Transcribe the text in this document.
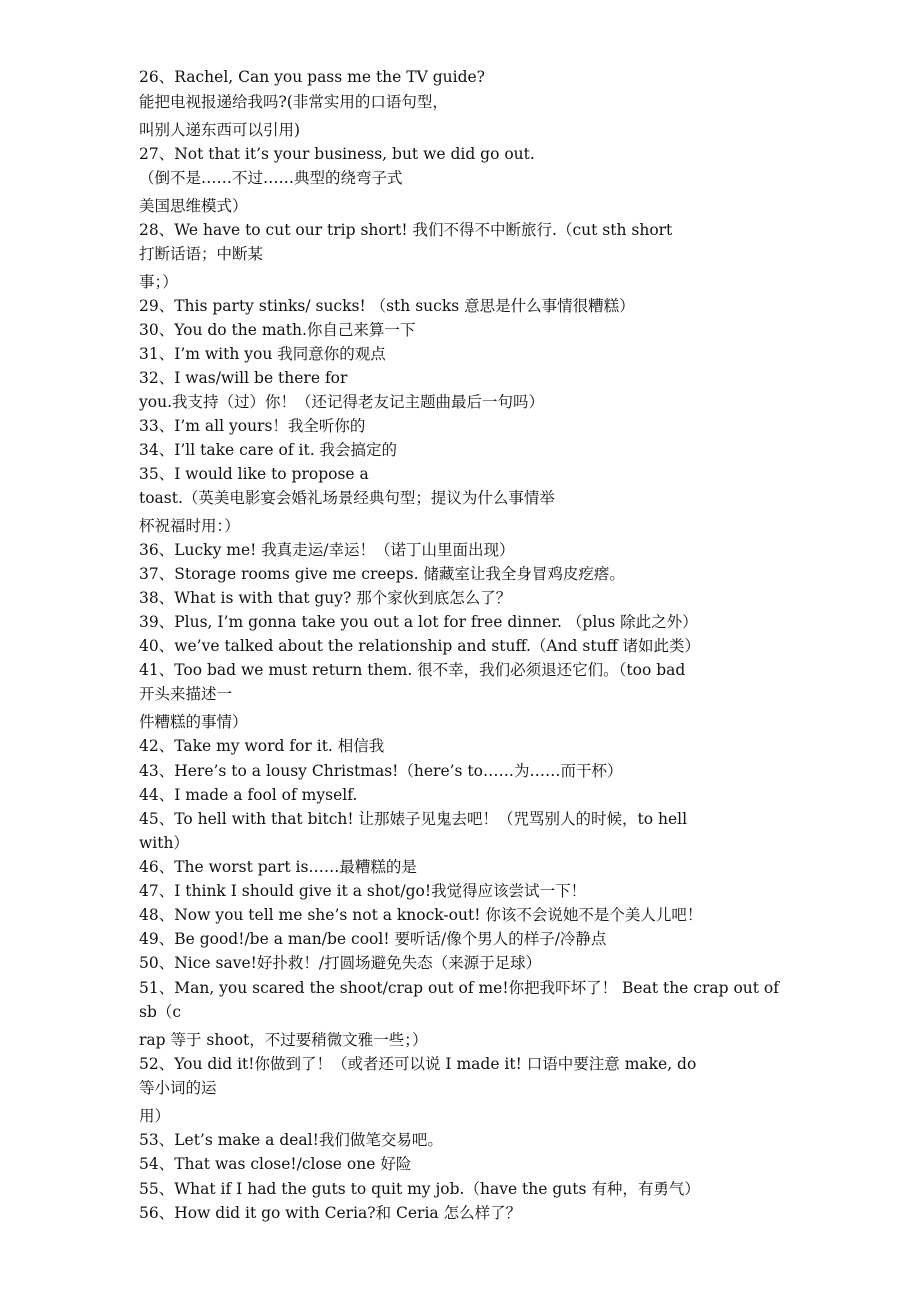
26、Rachel, Can you pass me the TV guide?
能把电视报递给我吗?(非常实用的口语句型，
叫别人递东西可以引用)
27、Not that it’s your business, but we did go out.
（倒不是……不过……典型的绕弯子式
美国思维模式）
28、We have to cut our trip short! 我们不得不中断旅行.（cut sth short
打断话语；中断某
事；）
29、This party stinks/ sucks! （sth sucks 意思是什么事情很糟糕）
30、You do the math.你自己来算一下
31、I’m with you 我同意你的观点
32、I was/will be there for
you.我支持（过）你！（还记得老友记主题曲最后一句吗）
33、I’m all yours！我全听你的
34、I’ll take care of it. 我会搞定的
35、I would like to propose a
toast.（英美电影宴会婚礼场景经典句型；提议为什么事情举
杯祝福时用：）
36、Lucky me! 我真走运/幸运！（诺丁山里面出现）
37、Storage rooms give me creeps. 储藏室让我全身冒鸡皮疙瘩。
38、What is with that guy? 那个家伙到底怎么了？
39、Plus, I’m gonna take you out a lot for free dinner. （plus 除此之外）
40、we’ve talked about the relationship and stuff.（And stuff 诸如此类）
41、Too bad we must return them. 很不幸，我们必须退还它们。（too bad
开头来描述一
件糟糕的事情）
42、Take my word for it. 相信我
43、Here’s to a lousy Christmas!（here’s to……为……而干杯）
44、I made a fool of myself.
45、To hell with that bitch! 让那婊子见鬼去吧！（咒骂别人的时候，to hell
with）
46、The worst part is……最糟糕的是
47、I think I should give it a shot/go!我觉得应该尝试一下！
48、Now you tell me she’s not a knock-out! 你该不会说她不是个美人儿吧！
49、Be good!/be a man/be cool! 要听话/像个男人的样子/冷静点
50、Nice save!好扑救！/打圆场避免失态（来源于足球）
51、Man, you scared the shoot/crap out of me!你把我吓坏了！ Beat the crap out of
sb（c
rap 等于 shoot，不过要稍微文雅一些；）
52、You did it!你做到了！（或者还可以说 I made it! 口语中要注意 make, do
等小词的运
用）
53、Let’s make a deal!我们做笔交易吧。
54、That was close!/close one 好险
55、What if I had the guts to quit my job.（have the guts 有种，有勇气）
56、How did it go with Ceria?和 Ceria 怎么样了？
